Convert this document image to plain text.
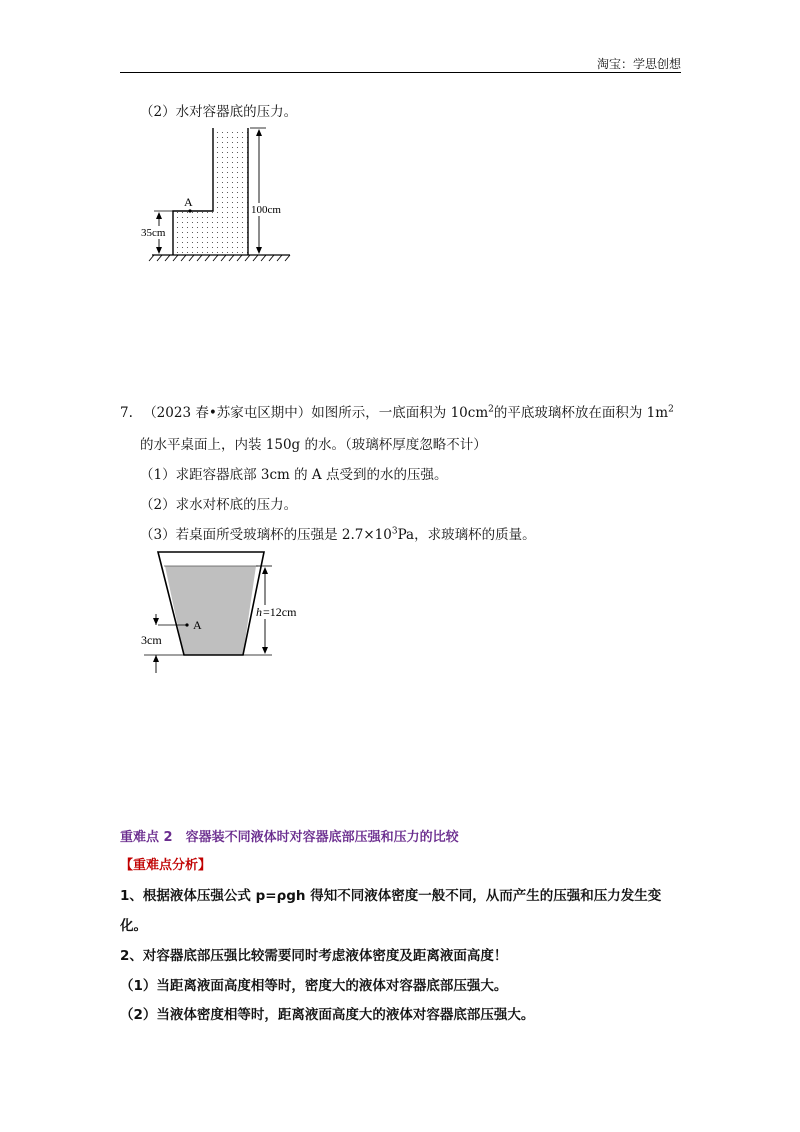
淘宝：学思创想
（2）水对容器底的压力。
100cm
35cm
A
7. （2023 春•苏家屯区期中）如图所示，一底面积为 $10cm^2$的平底玻璃杯放在面积为 $1m^2$
的水平桌面上，内装 150g 的水。（玻璃杯厚度忽略不计）
（1）求距容器底部 3cm 的 A 点受到的水的压强。
（2）求水对杯底的压力。
（3）若桌面所受玻璃杯的压强是 $2.7\times 10^3Pa$，求玻璃杯的质量。
h =12cm
3cm
A
重难点 2　容器装不同液体时对容器底部压强和压力的比较
【重难点分析】
1、根据液体压强公式 p=ρgh 得知不同液体密度一般不同，从而产生的压强和压力发生变
化。
2、对容器底部压强比较需要同时考虑液体密度及距离液面高度！
（1）当距离液面高度相等时，密度大的液体对容器底部压强大。
（2）当液体密度相等时，距离液面高度大的液体对容器底部压强大。
